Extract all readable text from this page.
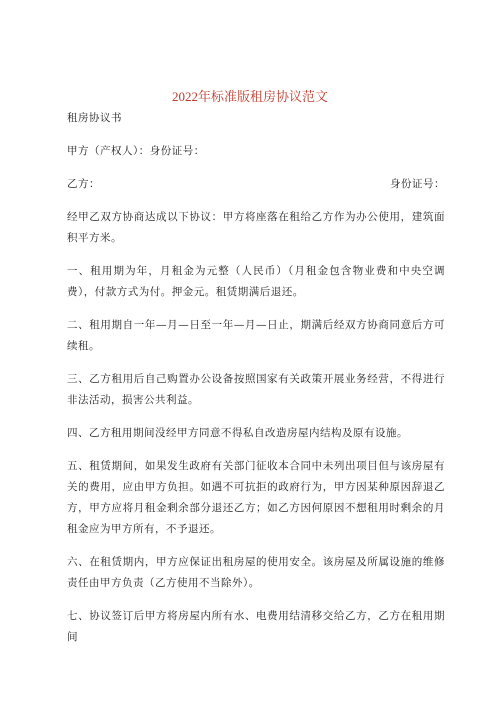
2022年标准版租房协议范文

租房协议书

甲方（产权人）：身份证号：

乙方：	身份证号：

经甲乙双方协商达成以下协议：甲方将座落在租给乙方作为办公使用，建筑面积平方米。

一、租用期为年，月租金为元整（人民币）（月租金包含物业费和中央空调费），付款方式为付。押金元。租赁期满后退还。

二、租用期自一年—月—日至一年—月—日止，期满后经双方协商同意后方可续租。

三、乙方租用后自己购置办公设备按照国家有关政策开展业务经营，不得进行非法活动，损害公共利益。

四、乙方租用期间没经甲方同意不得私自改造房屋内结构及原有设施。

五、租赁期间，如果发生政府有关部门征收本合同中未列出项目但与该房屋有关的费用，应由甲方负担。如遇不可抗拒的政府行为，甲方因某种原因辞退乙方，甲方应将月租金剩余部分退还乙方；如乙方因何原因不想租用时剩余的月租金应为甲方所有，不予退还。

六、在租赁期内，甲方应保证出租房屋的使用安全。该房屋及所属设施的维修责任由甲方负责（乙方使用不当除外）。

七、协议签订后甲方将房屋内所有水、电费用结清移交给乙方，乙方在租用期间
